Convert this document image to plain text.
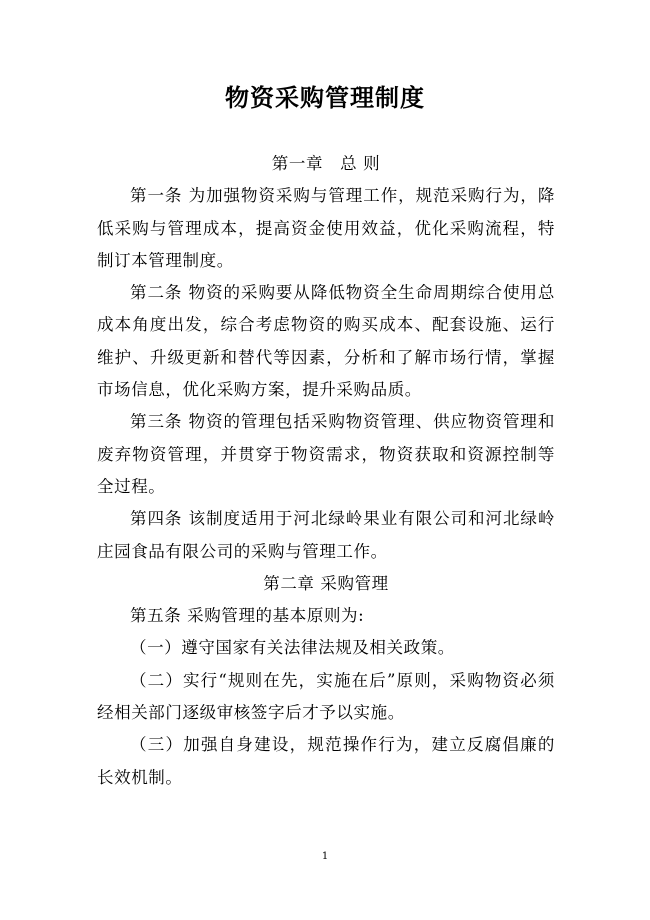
物资采购管理制度

第一章　总 则

第一条 为加强物资采购与管理工作，规范采购行为，降低采购与管理成本，提高资金使用效益，优化采购流程，特制订本管理制度。

第二条 物资的采购要从降低物资全生命周期综合使用总成本角度出发，综合考虑物资的购买成本、配套设施、运行维护、升级更新和替代等因素，分析和了解市场行情，掌握市场信息，优化采购方案，提升采购品质。

第三条 物资的管理包括采购物资管理、供应物资管理和废弃物资管理，并贯穿于物资需求，物资获取和资源控制等全过程。

第四条 该制度适用于河北绿岭果业有限公司和河北绿岭庄园食品有限公司的采购与管理工作。

第二章 采购管理

第五条 采购管理的基本原则为:

（一）遵守国家有关法律法规及相关政策。

（二）实行“规则在先，实施在后”原则，采购物资必须经相关部门逐级审核签字后才予以实施。

（三）加强自身建设，规范操作行为，建立反腐倡廉的长效机制。

1
